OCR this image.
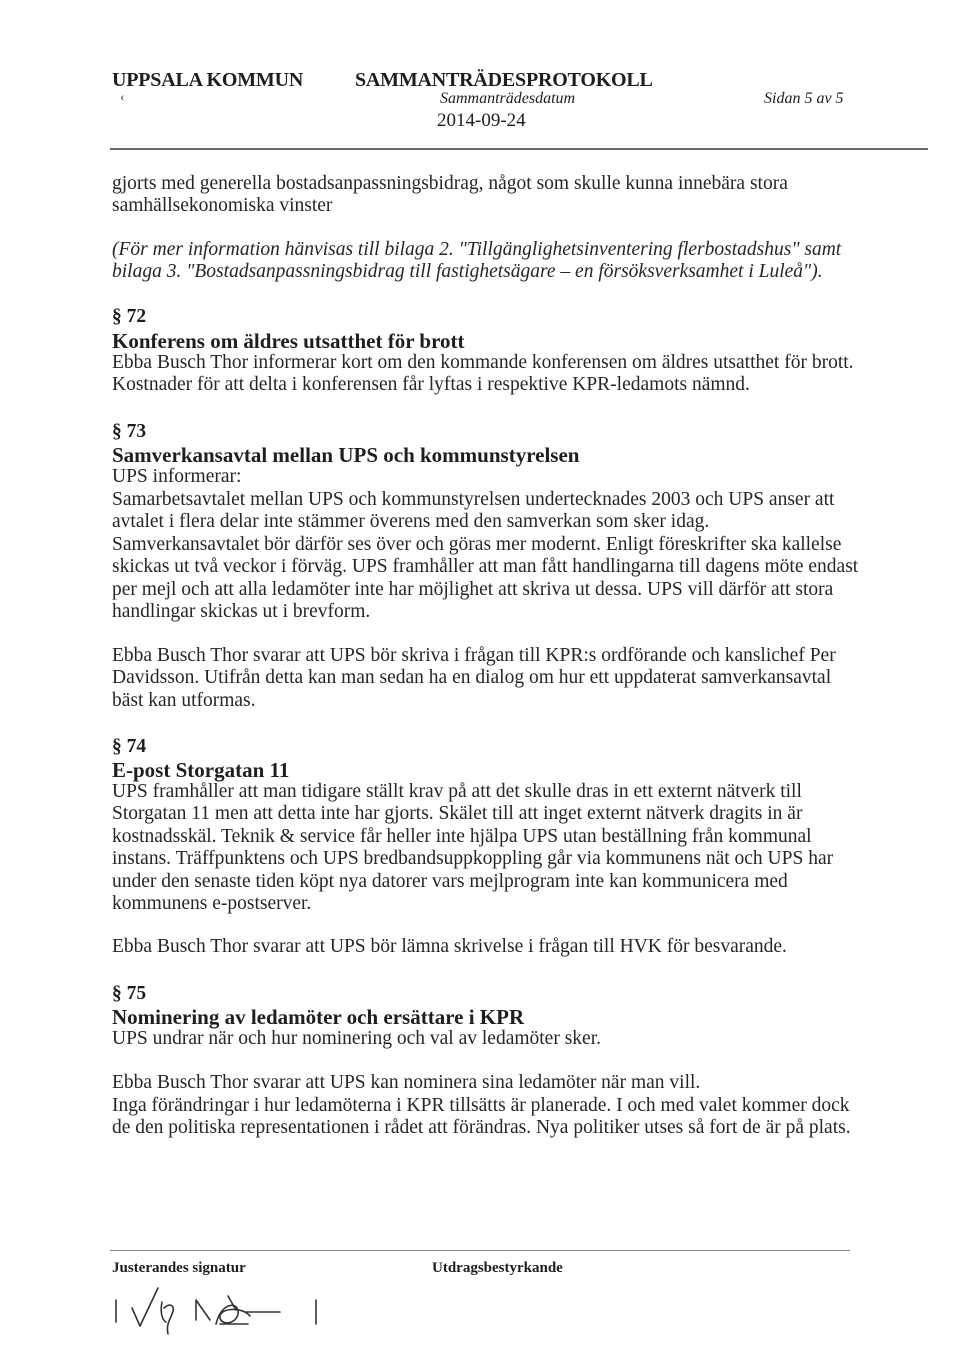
UPPSALA KOMMUN	SAMMANTRÄDESPROTOKOLL
‹	Sammanträdesdatum	Sidan 5 av 5
2014-09-24

gjorts med generella bostadsanpassningsbidrag, något som skulle kunna innebära stora samhällsekonomiska vinster

(För mer information hänvisas till bilaga 2. "Tillgänglighetsinventering flerbostadshus" samt bilaga 3. "Bostadsanpassningsbidrag till fastighetsägare – en försöksverksamhet i Luleå").

§ 72
Konferens om äldres utsatthet för brott

Ebba Busch Thor informerar kort om den kommande konferensen om äldres utsatthet för brott. Kostnader för att delta i konferensen får lyftas i respektive KPR-ledamots nämnd.

§ 73
Samverkansavtal mellan UPS och kommunstyrelsen

UPS informerar:

Samarbetsavtalet mellan UPS och kommunstyrelsen undertecknades 2003 och UPS anser att avtalet i flera delar inte stämmer överens med den samverkan som sker idag. Samverkansavtalet bör därför ses över och göras mer modernt. Enligt föreskrifter ska kallelse skickas ut två veckor i förväg. UPS framhåller att man fått handlingarna till dagens möte endast per mejl och att alla ledamöter inte har möjlighet att skriva ut dessa. UPS vill därför att stora handlingar skickas ut i brevform.

Ebba Busch Thor svarar att UPS bör skriva i frågan till KPR:s ordförande och kanslichef Per Davidsson. Utifrån detta kan man sedan ha en dialog om hur ett uppdaterat samverkansavtal bäst kan utformas.

§ 74
E-post Storgatan 11

UPS framhåller att man tidigare ställt krav på att det skulle dras in ett externt nätverk till Storgatan 11 men att detta inte har gjorts. Skälet till att inget externt nätverk dragits in är kostnadsskäl. Teknik & service får heller inte hjälpa UPS utan beställning från kommunal instans. Träffpunktens och UPS bredbandsuppkoppling går via kommunens nät och UPS har under den senaste tiden köpt nya datorer vars mejlprogram inte kan kommunicera med kommunens e-postserver.

Ebba Busch Thor svarar att UPS bör lämna skrivelse i frågan till HVK för besvarande.

§ 75
Nominering av ledamöter och ersättare i KPR

UPS undrar när och hur nominering och val av ledamöter sker.

Ebba Busch Thor svarar att UPS kan nominera sina ledamöter när man vill.

Inga förändringar i hur ledamöterna i KPR tillsätts är planerade. I och med valet kommer dock de den politiska representationen i rådet att förändras. Nya politiker utses så fort de är på plats.

Justerandes signatur	Utdragsbestyrkande
